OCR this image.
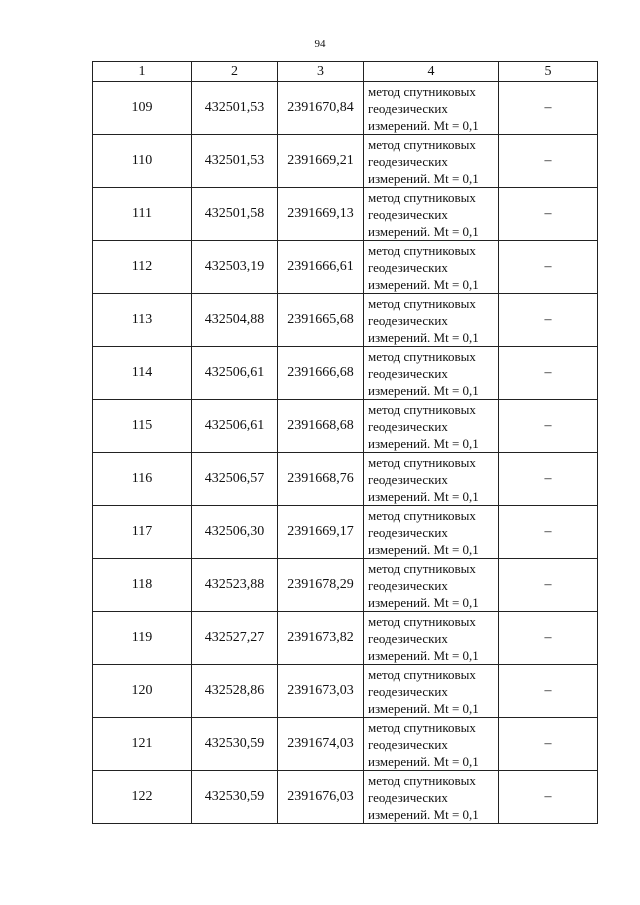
94
1	2	3	4	5
109	432501,53	2391670,84	метод спутниковых
геодезических
измерений. Mt = 0,1	–
110	432501,53	2391669,21	метод спутниковых
геодезических
измерений. Mt = 0,1	–
111	432501,58	2391669,13	метод спутниковых
геодезических
измерений. Mt = 0,1	–
112	432503,19	2391666,61	метод спутниковых
геодезических
измерений. Mt = 0,1	–
113	432504,88	2391665,68	метод спутниковых
геодезических
измерений. Mt = 0,1	–
114	432506,61	2391666,68	метод спутниковых
геодезических
измерений. Mt = 0,1	–
115	432506,61	2391668,68	метод спутниковых
геодезических
измерений. Mt = 0,1	–
116	432506,57	2391668,76	метод спутниковых
геодезических
измерений. Mt = 0,1	–
117	432506,30	2391669,17	метод спутниковых
геодезических
измерений. Mt = 0,1	–
118	432523,88	2391678,29	метод спутниковых
геодезических
измерений. Mt = 0,1	–
119	432527,27	2391673,82	метод спутниковых
геодезических
измерений. Mt = 0,1	–
120	432528,86	2391673,03	метод спутниковых
геодезических
измерений. Mt = 0,1	–
121	432530,59	2391674,03	метод спутниковых
геодезических
измерений. Mt = 0,1	–
122	432530,59	2391676,03	метод спутниковых
геодезических
измерений. Mt = 0,1	–
